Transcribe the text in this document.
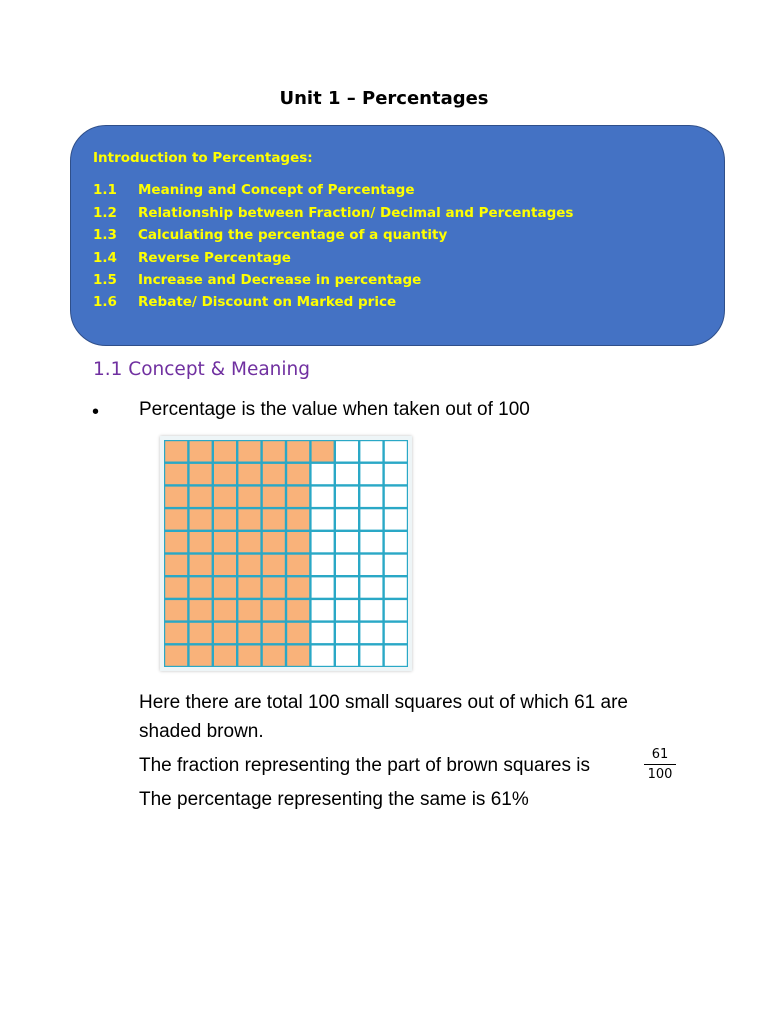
Unit 1 – Percentages
Introduction to Percentages:
1.1 Meaning and Concept of Percentage
1.2 Relationship between Fraction/ Decimal and Percentages
1.3 Calculating the percentage of a quantity
1.4 Reverse Percentage
1.5 Increase and Decrease in percentage
1.6 Rebate/ Discount on Marked price
1.1 Concept & Meaning
• Percentage is the value when taken out of 100
Here there are total 100 small squares out of which 61 are
shaded brown.
The fraction representing the part of brown squares is
61
100
The percentage representing the same is 61%
